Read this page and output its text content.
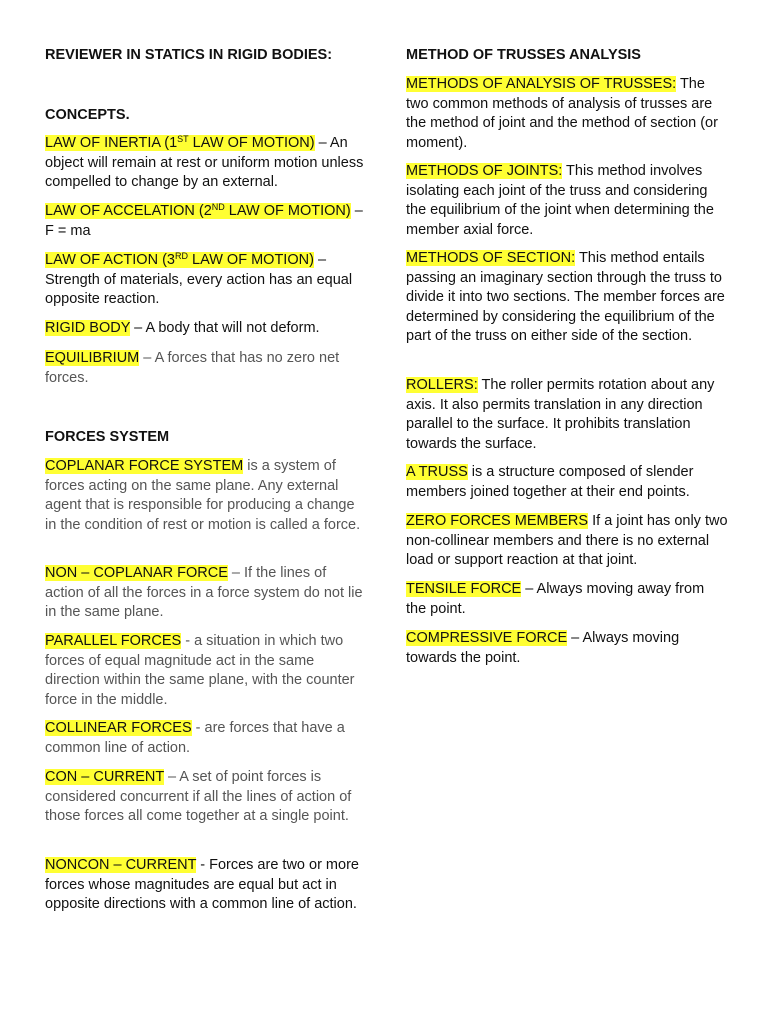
REVIEWER IN STATICS IN RIGID BODIES:
CONCEPTS.
LAW OF INERTIA (1ST LAW OF MOTION) – An object will remain at rest or uniform motion unless compelled to change by an external.
LAW OF ACCELATION (2ND LAW OF MOTION) – F = ma
LAW OF ACTION (3RD LAW OF MOTION) – Strength of materials, every action has an equal opposite reaction.
RIGID BODY – A body that will not deform.
EQUILIBRIUM – A forces that has no zero net forces.
FORCES SYSTEM
COPLANAR FORCE SYSTEM is a system of forces acting on the same plane. Any external agent that is responsible for producing a change in the condition of rest or motion is called a force.
NON – COPLANAR FORCE – If the lines of action of all the forces in a force system do not lie in the same plane.
PARALLEL FORCES - a situation in which two forces of equal magnitude act in the same direction within the same plane, with the counter force in the middle.
COLLINEAR FORCES - are forces that have a common line of action.
CON – CURRENT – A set of point forces is considered concurrent if all the lines of action of those forces all come together at a single point.
NONCON – CURRENT - Forces are two or more forces whose magnitudes are equal but act in opposite directions with a common line of action.
METHOD OF TRUSSES ANALYSIS
METHODS OF ANALYSIS OF TRUSSES: The two common methods of analysis of trusses are the method of joint and the method of section (or moment).
METHODS OF JOINTS: This method involves isolating each joint of the truss and considering the equilibrium of the joint when determining the member axial force.
METHODS OF SECTION: This method entails passing an imaginary section through the truss to divide it into two sections. The member forces are determined by considering the equilibrium of the part of the truss on either side of the section.
ROLLERS: The roller permits rotation about any axis. It also permits translation in any direction parallel to the surface. It prohibits translation towards the surface.
A TRUSS is a structure composed of slender members joined together at their end points.
ZERO FORCES MEMBERS If a joint has only two non-collinear members and there is no external load or support reaction at that joint.
TENSILE FORCE – Always moving away from the point.
COMPRESSIVE FORCE – Always moving towards the point.
